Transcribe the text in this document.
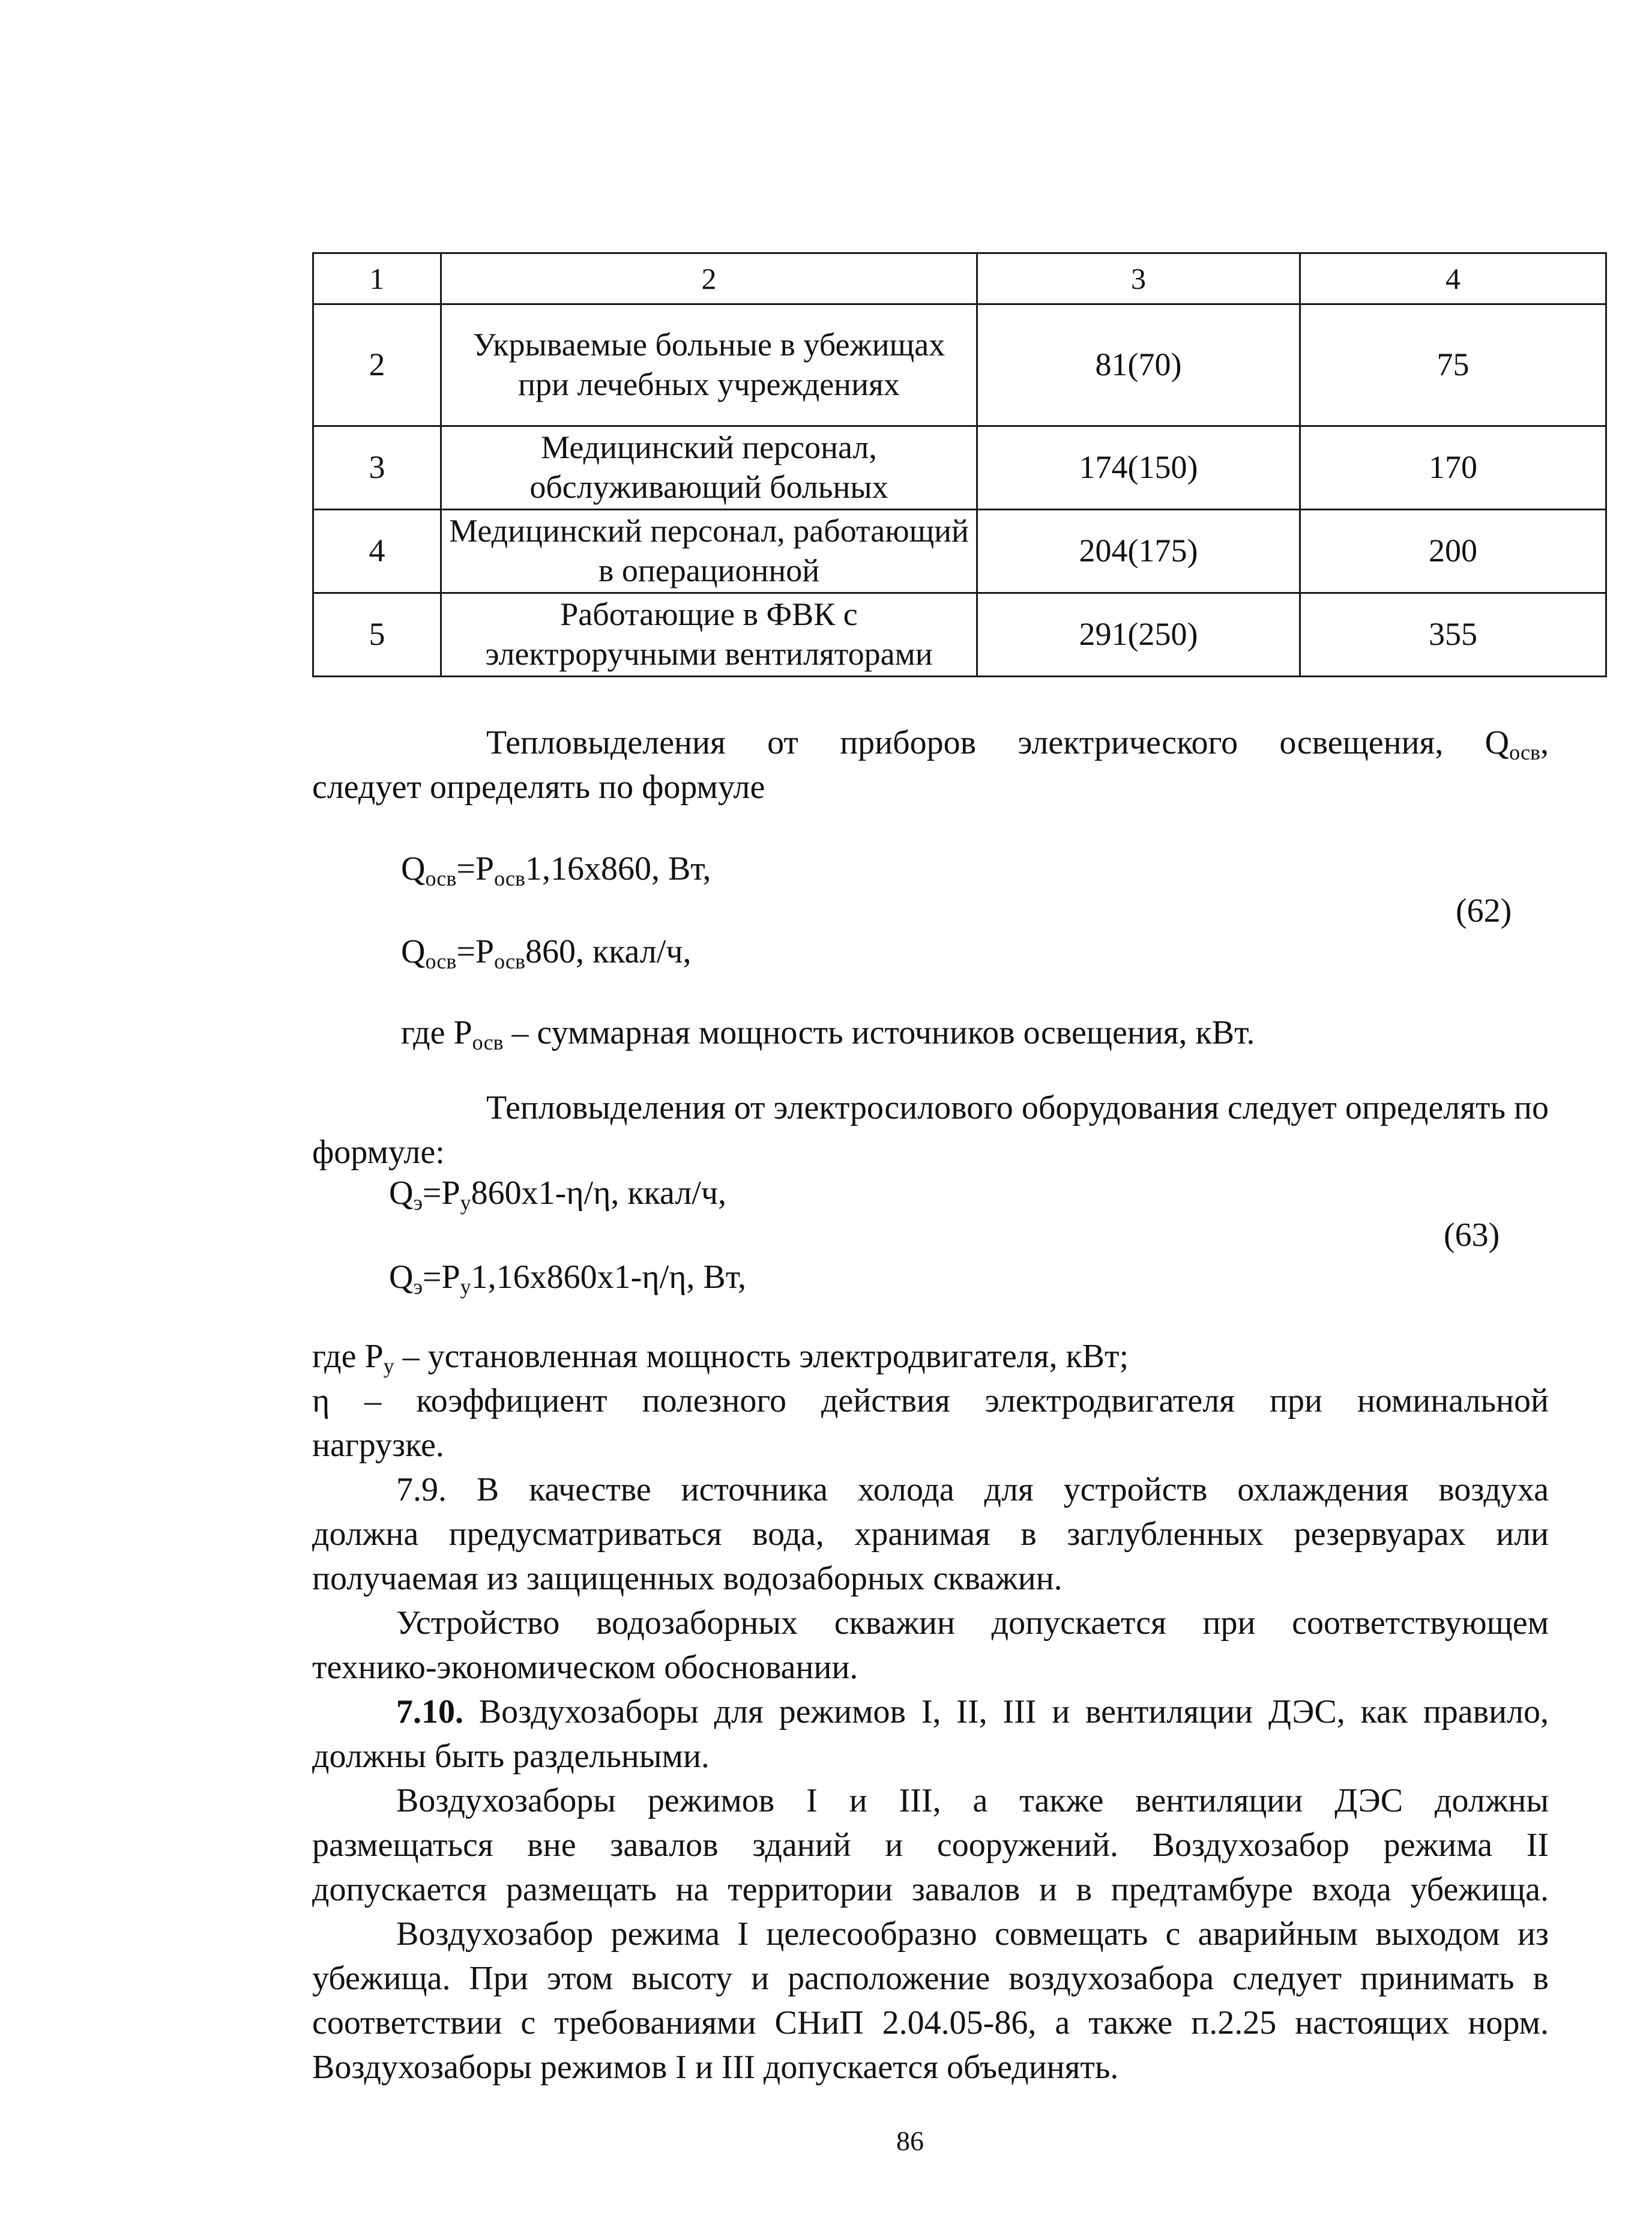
1	2	3	4
2	Укрываемые больные в убежищах при лечебных учреждениях	81(70)	75
3	Медицинский персонал, обслуживающий больных	174(150)	170
4	Медицинский персонал, работающий в операционной	204(175)	200
5	Работающие в ФВК с электроручными вентиляторами	291(250)	355
Тепловыделения от приборов электрического освещения, $Q_{осв}$,
следует определять по формуле
$Q_{осв}=P_{осв}1,16х860$, Вт,
(62)
$Q_{осв}=P_{осв}860$, ккал/ч,
где $P_{осв}$ – суммарная мощность источников освещения, кВт.
Тепловыделения от электросилового оборудования следует определять по
формуле:
$Q_э=P_у860х1-\eta/\eta$, ккал/ч,
(63)
$Q_э=P_у1,16х860х1-\eta/\eta$, Вт,
где $P_у$ – установленная мощность электродвигателя, кВт;
η – коэффициент полезного действия электродвигателя при номинальной
нагрузке.
7.9. В качестве источника холода для устройств охлаждения воздуха
должна предусматриваться вода, хранимая в заглубленных резервуарах или
получаемая из защищенных водозаборных скважин.
Устройство водозаборных скважин допускается при соответствующем
технико-экономическом обосновании.
7.10. Воздухозаборы для режимов I, II, III и вентиляции ДЭС, как правило,
должны быть раздельными.
Воздухозаборы режимов I и III, а также вентиляции ДЭС должны
размещаться вне завалов зданий и сооружений. Воздухозабор режима II
допускается размещать на территории завалов и в предтамбуре входа убежища.
Воздухозабор режима I целесообразно совмещать с аварийным выходом из
убежища. При этом высоту и расположение воздухозабора следует принимать в
соответствии с требованиями СНиП 2.04.05-86, а также п.2.25 настоящих норм.
Воздухозаборы режимов I и III допускается объединять.
86
